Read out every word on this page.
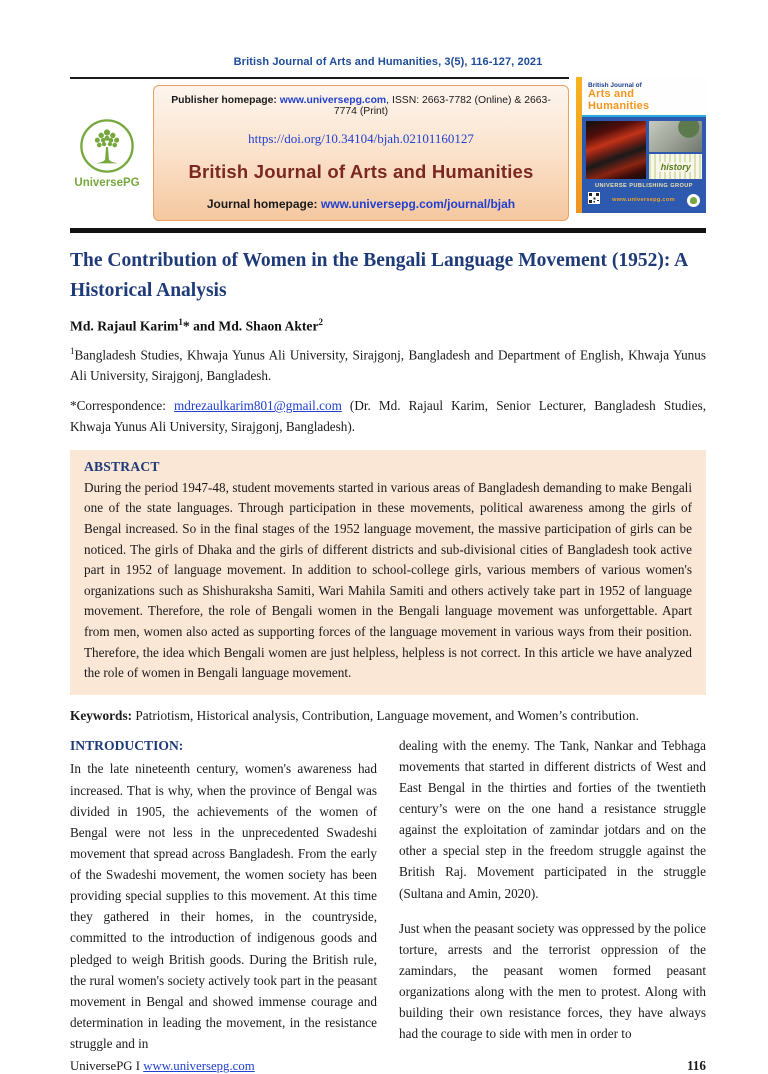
British Journal of Arts and Humanities, 3(5), 116-127, 2021
UniversePG
Publisher homepage: www.universepg.com, ISSN: 2663-7782 (Online) & 2663-7774 (Print)
https://doi.org/10.34104/bjah.02101160127
British Journal of Arts and Humanities
Journal homepage: www.universepg.com/journal/bjah
British Journal of
Arts and
Humanities
history
UNIVERSE PUBLISHING GROUP
www.universepg.com
The Contribution of Women in the Bengali Language Movement (1952): A Historical Analysis
Md. Rajaul Karim$^1$* and Md. Shaon Akter$^2$
$^1$Bangladesh Studies, Khwaja Yunus Ali University, Sirajgonj, Bangladesh and Department of English, Khwaja Yunus Ali University, Sirajgonj, Bangladesh.
*Correspondence: mdrezaulkarim801@gmail.com (Dr. Md. Rajaul Karim, Senior Lecturer, Bangladesh Studies, Khwaja Yunus Ali University, Sirajgonj, Bangladesh).
ABSTRACT
During the period 1947-48, student movements started in various areas of Bangladesh demanding to make Bengali one of the state languages. Through participation in these movements, political awareness among the girls of Bengal increased. So in the final stages of the 1952 language movement, the massive participation of girls can be noticed. The girls of Dhaka and the girls of different districts and sub-divisional cities of Bangladesh took active part in 1952 of language movement. In addition to school-college girls, various members of various women's organizations such as Shishuraksha Samiti, Wari Mahila Samiti and others actively take part in 1952 of language movement. Therefore, the role of Bengali women in the Bengali language movement was unforgettable. Apart from men, women also acted as supporting forces of the language movement in various ways from their position. Therefore, the idea which Bengali women are just helpless, helpless is not correct. In this article we have analyzed the role of women in Bengali language movement.
Keywords: Patriotism, Historical analysis, Contribution, Language movement, and Women’s contribution.
INTRODUCTION:

In the late nineteenth century, women's awareness had increased. That is why, when the province of Bengal was divided in 1905, the achievements of the women of Bengal were not less in the unprecedented Swadeshi movement that spread across Bangladesh. From the early of the Swadeshi movement, the women society has been providing special supplies to this movement. At this time they gathered in their homes, in the countryside, committed to the introduction of indigenous goods and pledged to weigh British goods. During the British rule, the rural women's society actively took part in the peasant movement in Bengal and showed immense courage and determination in leading the movement, in the resistance struggle and in

dealing with the enemy. The Tank, Nankar and Tebhaga movements that started in different districts of West and East Bengal in the thirties and forties of the twentieth century’s were on the one hand a resistance struggle against the exploitation of zamindar jotdars and on the other a special step in the freedom struggle against the British Raj. Movement participated in the struggle (Sultana and Amin, 2020).

Just when the peasant society was oppressed by the police torture, arrests and the terrorist oppression of the zamindars, the peasant women formed peasant organizations along with the men to protest. Along with building their own resistance forces, they have always had the courage to side with men in order to

UniversePG I www.universepg.com	116
